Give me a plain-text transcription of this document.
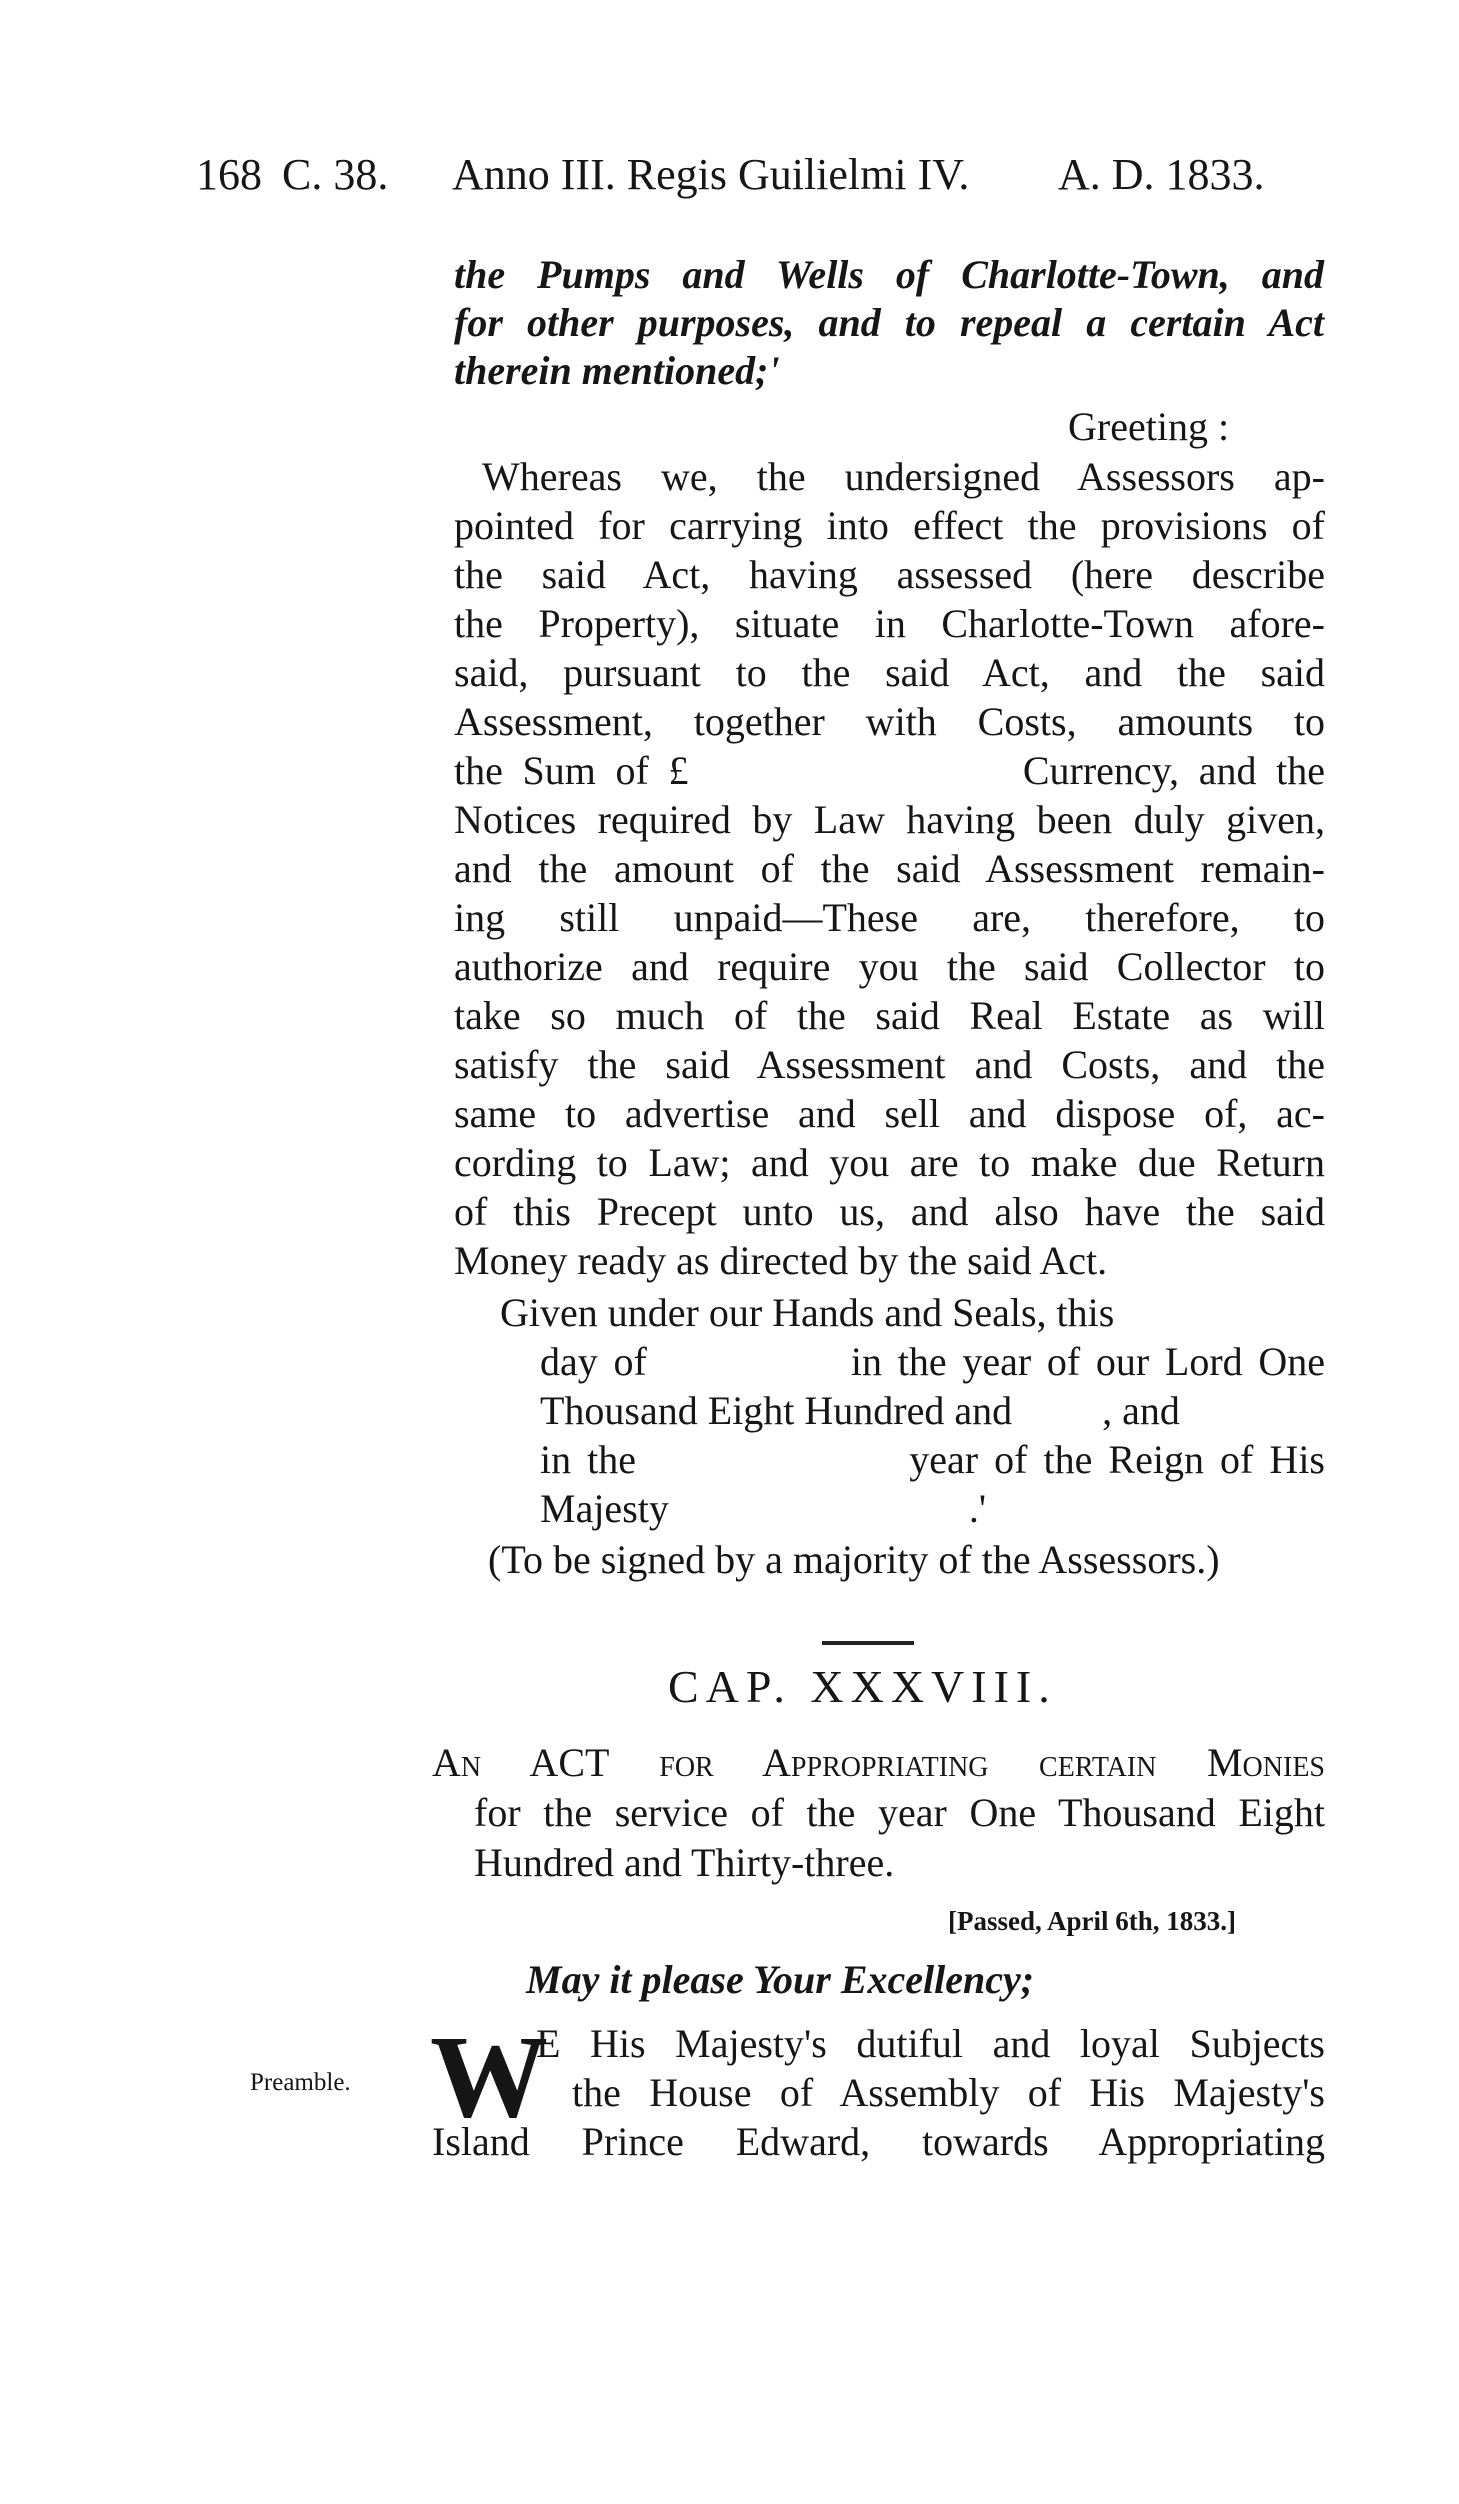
168 C. 38. Anno III. Regis Guilielmi IV. A. D. 1833.
the Pumps and Wells of Charlotte-Town, and
for other purposes, and to repeal a certain Act
therein mentioned;'
Greeting :
Whereas we, the undersigned Assessors ap-
pointed for carrying into effect the provisions of
the said Act, having assessed (here describe
the Property), situate in Charlotte-Town afore-
said, pursuant to the said Act, and the said
Assessment, together with Costs, amounts to
the Sum of £                 Currency, and the
Notices required by Law having been duly given,
and the amount of the said Assessment remain-
ing still unpaid—These are, therefore, to
authorize and require you the said Collector to
take so much of the said Real Estate as will
satisfy the said Assessment and Costs, and the
same to advertise and sell and dispose of, ac-
cording to Law; and you are to make due Return
of this Precept unto us, and also have the said
Money ready as directed by the said Act.
Given under our Hands and Seals, this
day of             in the year of our Lord One
Thousand Eight Hundred and         , and
in the                 year of the Reign of His
Majesty                              .'
(To be signed by a majority of the Assessors.)
CAP. XXXVIII.
An ACT for Appropriating certain Monies
for the service of the year One Thousand Eight
Hundred and Thirty-three.
[Passed, April 6th, 1833.]
May it please Your Excellency;
Preamble. W
E His Majesty's dutiful and loyal Subjects
the House of Assembly of His Majesty's
Island Prince Edward, towards Appropriating
